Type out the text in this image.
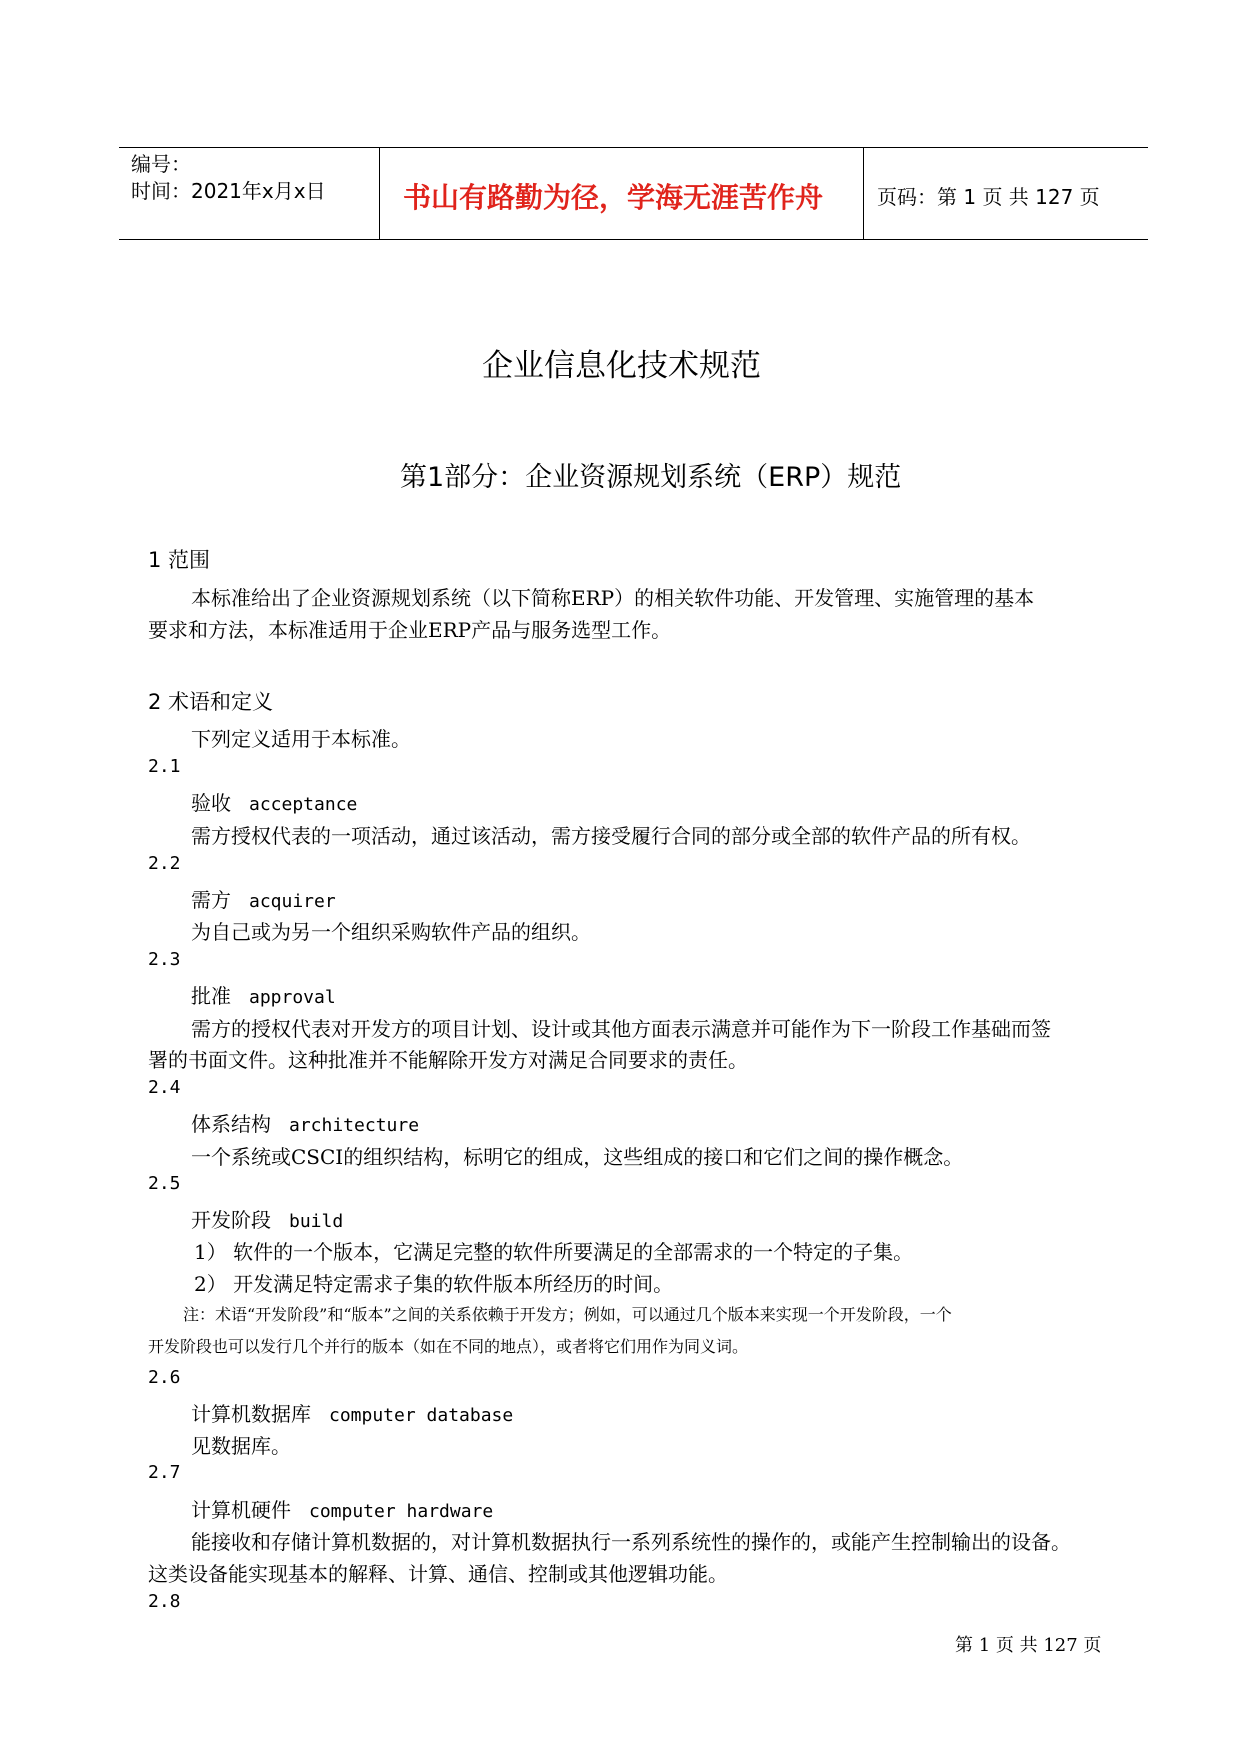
编号：
时间：2021年x月x日	书山有路勤为径，学海无涯苦作舟	页码：第 1 页 共 127 页
企业信息化技术规范
第1部分：企业资源规划系统（ERP）规范
1 范围
本标准给出了企业资源规划系统（以下简称ERP）的相关软件功能、开发管理、实施管理的基本
要求和方法，本标准适用于企业ERP产品与服务选型工作。
2 术语和定义
下列定义适用于本标准。
2.1
验收 acceptance
需方授权代表的一项活动，通过该活动，需方接受履行合同的部分或全部的软件产品的所有权。
2.2
需方 acquirer
为自己或为另一个组织采购软件产品的组织。
2.3
批准 approval
需方的授权代表对开发方的项目计划、设计或其他方面表示满意并可能作为下一阶段工作基础而签
署的书面文件。这种批准并不能解除开发方对满足合同要求的责任。
2.4
体系结构 architecture
一个系统或CSCI的组织结构，标明它的组成，这些组成的接口和它们之间的操作概念。
2.5
开发阶段 build
1） 软件的一个版本，它满足完整的软件所要满足的全部需求的一个特定的子集。
2） 开发满足特定需求子集的软件版本所经历的时间。
注：术语“开发阶段”和“版本”之间的关系依赖于开发方；例如，可以通过几个版本来实现一个开发阶段，一个
开发阶段也可以发行几个并行的版本（如在不同的地点），或者将它们用作为同义词。
2.6
计算机数据库 computer database
见数据库。
2.7
计算机硬件 computer hardware
能接收和存储计算机数据的，对计算机数据执行一系列系统性的操作的，或能产生控制输出的设备。
这类设备能实现基本的解释、计算、通信、控制或其他逻辑功能。
2.8
第 1 页 共 127 页
